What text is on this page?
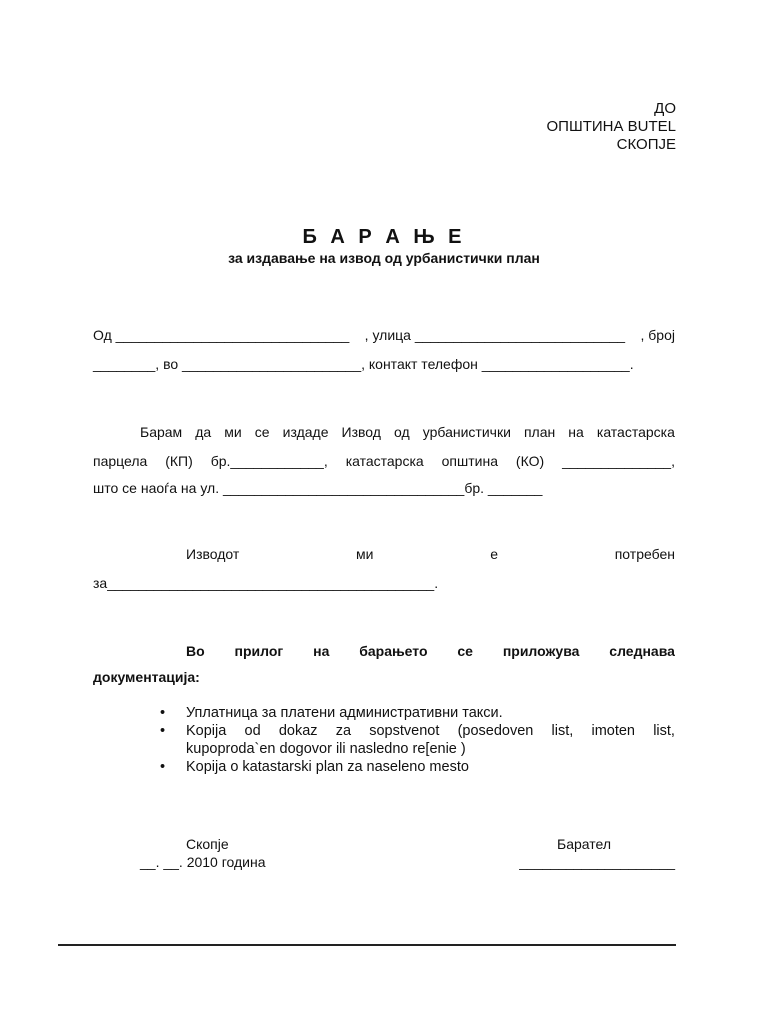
ДО
ОПШТИНА BUTEL
СКОПЈЕ
Б А Р А Њ Е
за издавање на извод од урбанистички план
Од ______________________________ , улица ___________________________ , број
________, во _______________________, контакт телефон ___________________.
Барам да ми се издаде Извод од урбанистички план на катастарска
парцела (КП) бр.____________, катастарска општина (КО) ______________,
што се наоѓа на ул. _______________________________бр. _______
Изводот	ми	е	потребен
за__________________________________________.
Во прилог на барањето се приложува следнава
документација:
• Уплатница за платени административни такси.
• Kopija od dokaz za sopstvenot (posedoven list, imoten list,
kupoproda`en dogovor ili nasledno re[enie )
• Kopija o katastarski plan za naseleno mesto
Скопје
__. __. 2010 година
Барател
____________________
